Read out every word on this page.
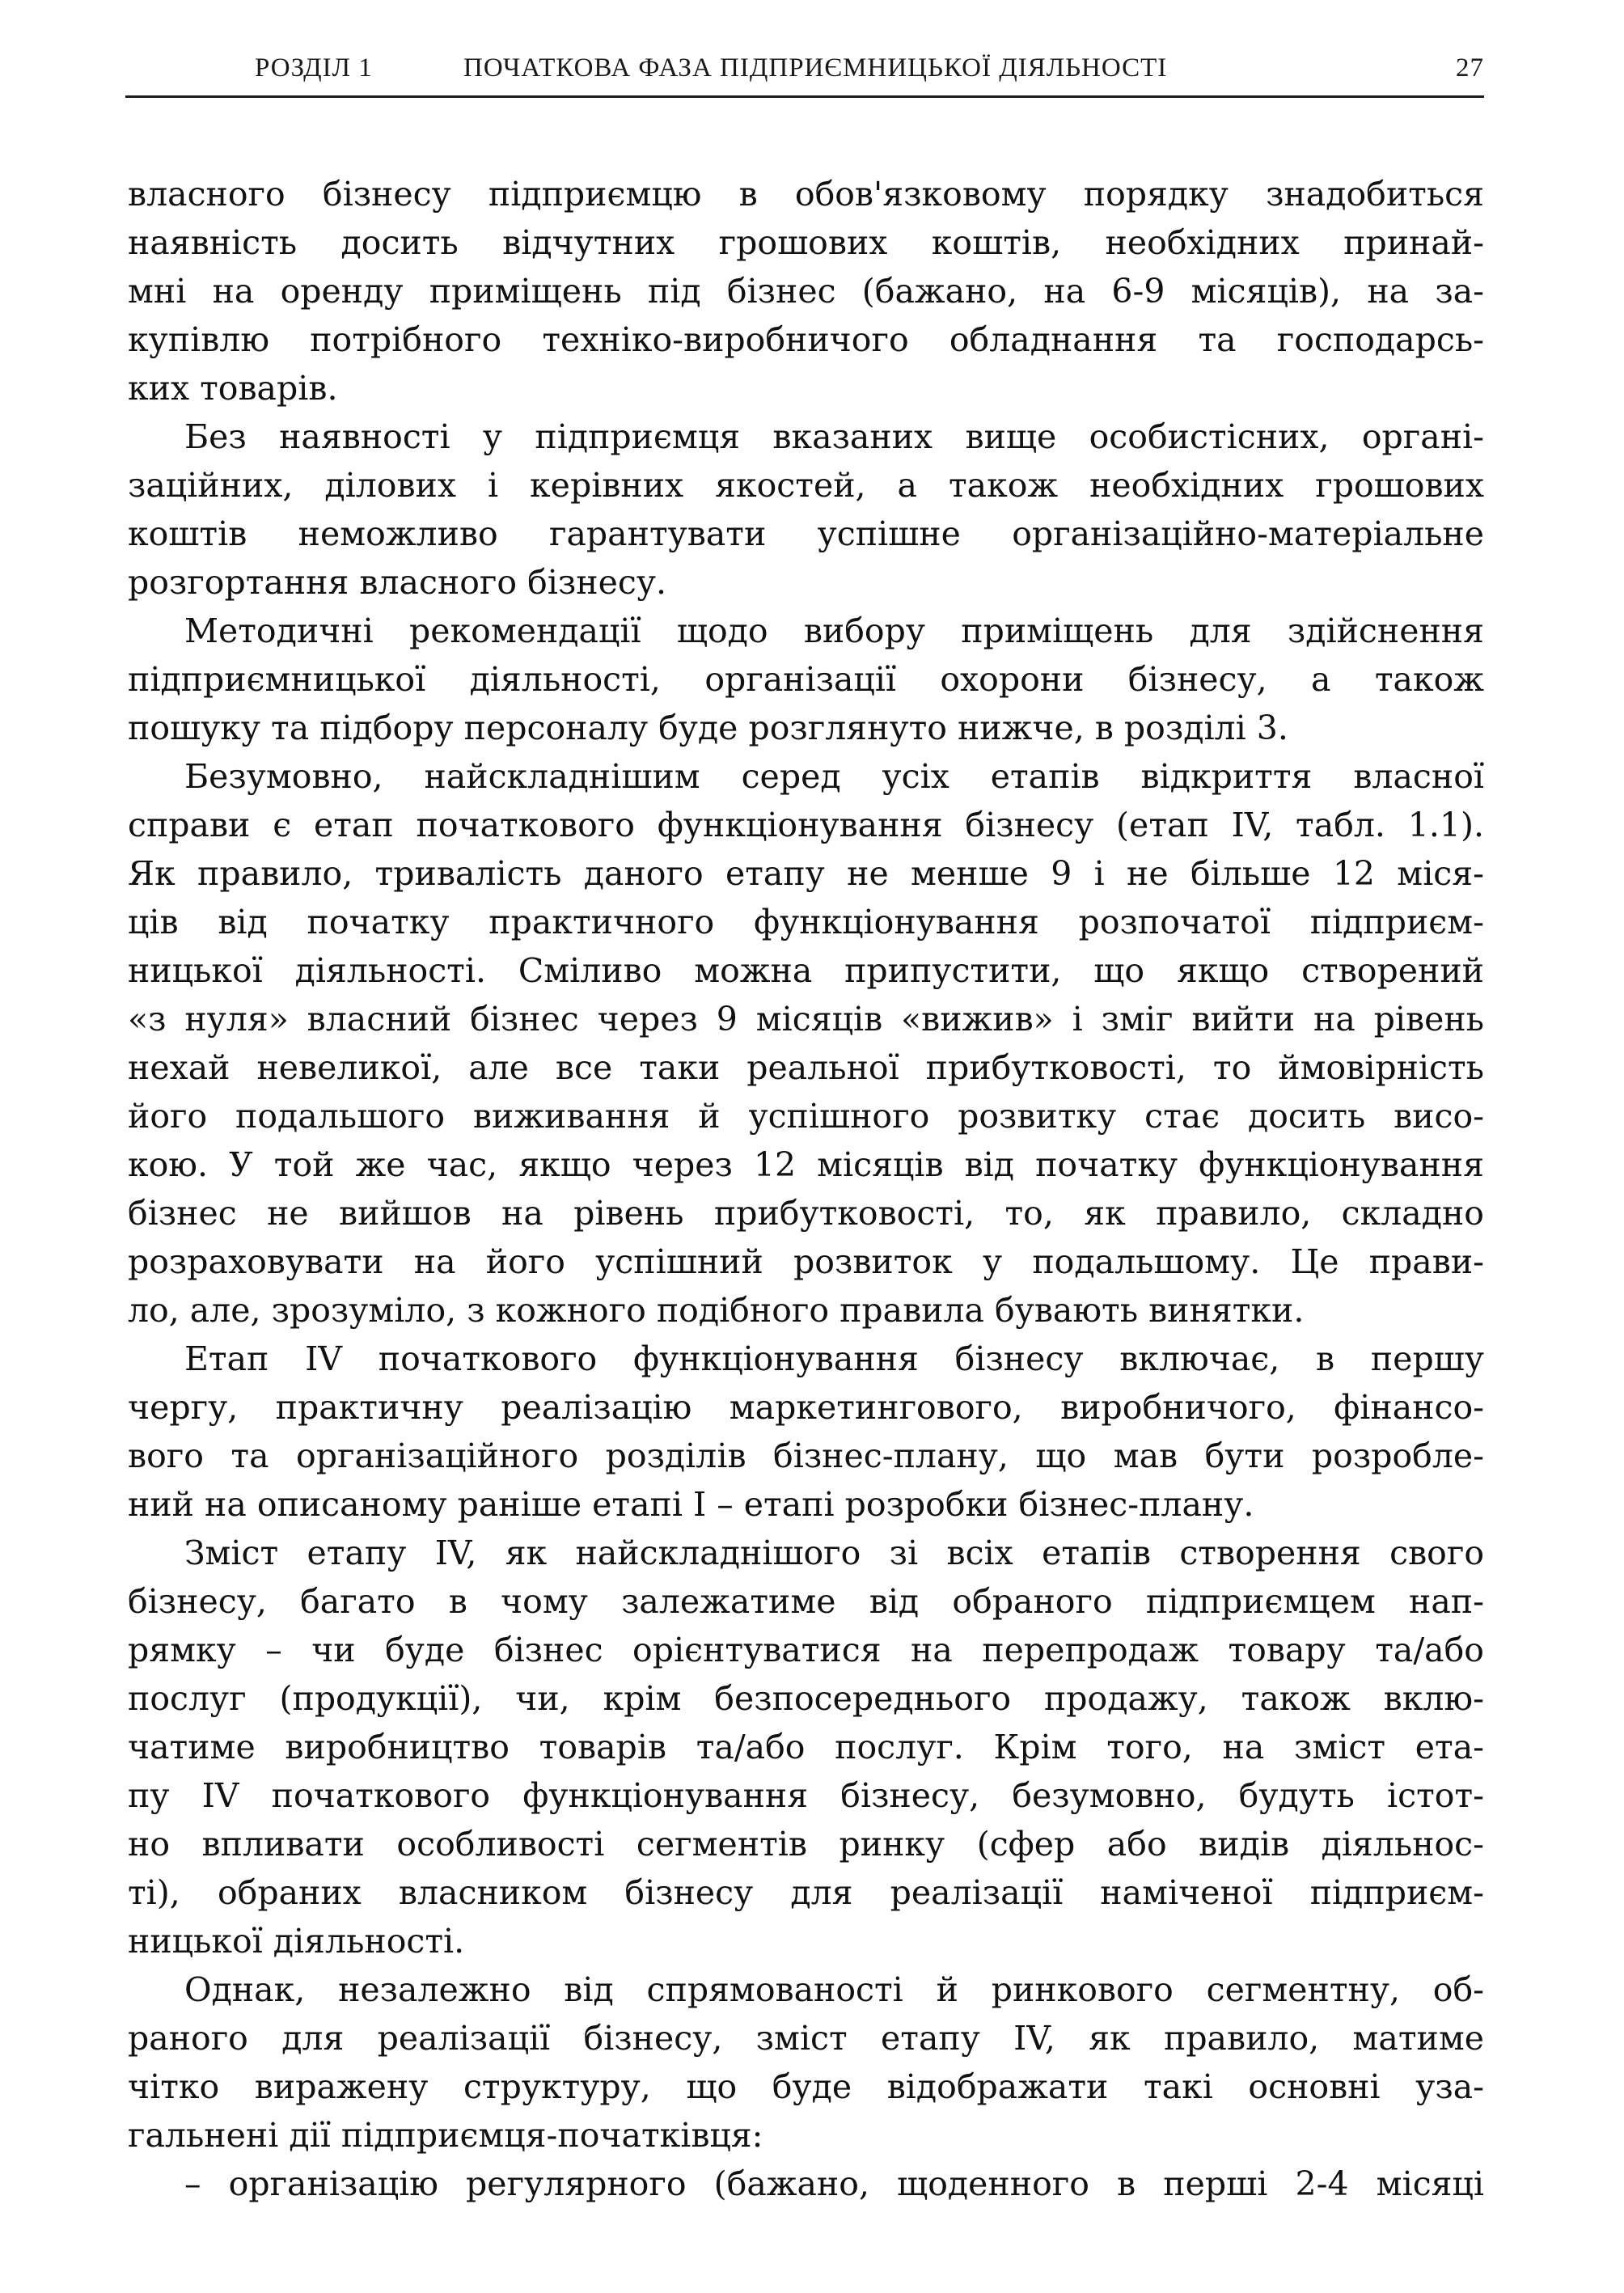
РОЗДІЛ 1	ПОЧАТКОВА ФАЗА ПІДПРИЄМНИЦЬКОЇ ДІЯЛЬНОСТІ	27
власного бізнесу підприємцю в обов'язковому порядку знадобиться
наявність досить відчутних грошових коштів, необхідних принай-
мні на оренду приміщень під бізнес (бажано, на 6-9 місяців), на за-
купівлю потрібного техніко-виробничого обладнання та господарсь-
ких товарів.
Без наявності у підприємця вказаних вище особистісних, органі-
заційних, ділових і керівних якостей, а також необхідних грошових
коштів неможливо гарантувати успішне організаційно-матеріальне
розгортання власного бізнесу.
Методичні рекомендації щодо вибору приміщень для здійснення
підприємницької діяльності, організації охорони бізнесу, а також
пошуку та підбору персоналу буде розглянуто нижче, в розділі 3.
Безумовно, найскладнішим серед усіх етапів відкриття власної
справи є етап початкового функціонування бізнесу (етап IV, табл. 1.1).
Як правило, тривалість даного етапу не менше 9 і не більше 12 міся-
ців від початку практичного функціонування розпочатої підприєм-
ницької діяльності. Сміливо можна припустити, що якщо створений
«з нуля» власний бізнес через 9 місяців «вижив» і зміг вийти на рівень
нехай невеликої, але все таки реальної прибутковості, то ймовірність
його подальшого виживання й успішного розвитку стає досить висо-
кою. У той же час, якщо через 12 місяців від початку функціонування
бізнес не вийшов на рівень прибутковості, то, як правило, складно
розраховувати на його успішний розвиток у подальшому. Це прави-
ло, але, зрозуміло, з кожного подібного правила бувають винятки.
Етап IV початкового функціонування бізнесу включає, в першу
чергу, практичну реалізацію маркетингового, виробничого, фінансо-
вого та організаційного розділів бізнес-плану, що мав бути розроблe-
ний на описаному раніше етапі I – етапі розробки бізнес-плану.
Зміст етапу IV, як найскладнішого зі всіх етапів створення свого
бізнесу, багато в чому залежатиме від обраного підприємцем нап-
рямку – чи буде бізнес орієнтуватися на перепродаж товару та/або
послуг (продукції), чи, крім безпосереднього продажу, також вклю-
чатиме виробництво товарів та/або послуг. Крім того, на зміст ета-
пу IV початкового функціонування бізнесу, безумовно, будуть істот-
но впливати особливості сегментів ринку (сфер або видів діяльнос-
ті), обраних власником бізнесу для реалізації наміченої підприєм-
ницької діяльності.
Однак, незалежно від спрямованості й ринкового сегментну, об-
раного для реалізації бізнесу, зміст етапу IV, як правило, матиме
чітко виражену структуру, що буде відображати такі основні уза-
гальнені дії підприємця-початківця:
– організацію регулярного (бажано, щоденного в перші 2-4 місяці
